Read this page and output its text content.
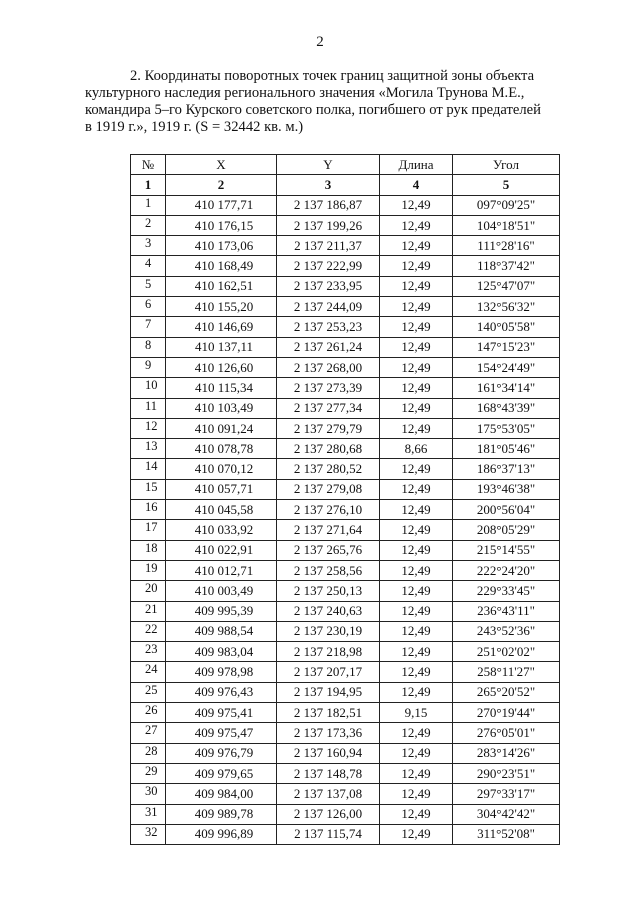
2
2. Координаты поворотных точек границ защитной зоны объекта
культурного наследия регионального значения «Могила Трунова М.Е.,
командира 5–го Курского советского полка, погибшего от рук предателей
в 1919 г.», 1919 г. (S = 32442 кв. м.)
№	X	Y	Длина	Угол
1	2	3	4	5
1	410 177,71	2 137 186,87	12,49	097°09'25"
2	410 176,15	2 137 199,26	12,49	104°18'51"
3	410 173,06	2 137 211,37	12,49	111°28'16"
4	410 168,49	2 137 222,99	12,49	118°37'42"
5	410 162,51	2 137 233,95	12,49	125°47'07"
6	410 155,20	2 137 244,09	12,49	132°56'32"
7	410 146,69	2 137 253,23	12,49	140°05'58"
8	410 137,11	2 137 261,24	12,49	147°15'23"
9	410 126,60	2 137 268,00	12,49	154°24'49"
10	410 115,34	2 137 273,39	12,49	161°34'14"
11	410 103,49	2 137 277,34	12,49	168°43'39"
12	410 091,24	2 137 279,79	12,49	175°53'05"
13	410 078,78	2 137 280,68	8,66	181°05'46"
14	410 070,12	2 137 280,52	12,49	186°37'13"
15	410 057,71	2 137 279,08	12,49	193°46'38"
16	410 045,58	2 137 276,10	12,49	200°56'04"
17	410 033,92	2 137 271,64	12,49	208°05'29"
18	410 022,91	2 137 265,76	12,49	215°14'55"
19	410 012,71	2 137 258,56	12,49	222°24'20"
20	410 003,49	2 137 250,13	12,49	229°33'45"
21	409 995,39	2 137 240,63	12,49	236°43'11"
22	409 988,54	2 137 230,19	12,49	243°52'36"
23	409 983,04	2 137 218,98	12,49	251°02'02"
24	409 978,98	2 137 207,17	12,49	258°11'27"
25	409 976,43	2 137 194,95	12,49	265°20'52"
26	409 975,41	2 137 182,51	9,15	270°19'44"
27	409 975,47	2 137 173,36	12,49	276°05'01"
28	409 976,79	2 137 160,94	12,49	283°14'26"
29	409 979,65	2 137 148,78	12,49	290°23'51"
30	409 984,00	2 137 137,08	12,49	297°33'17"
31	409 989,78	2 137 126,00	12,49	304°42'42"
32	409 996,89	2 137 115,74	12,49	311°52'08"
